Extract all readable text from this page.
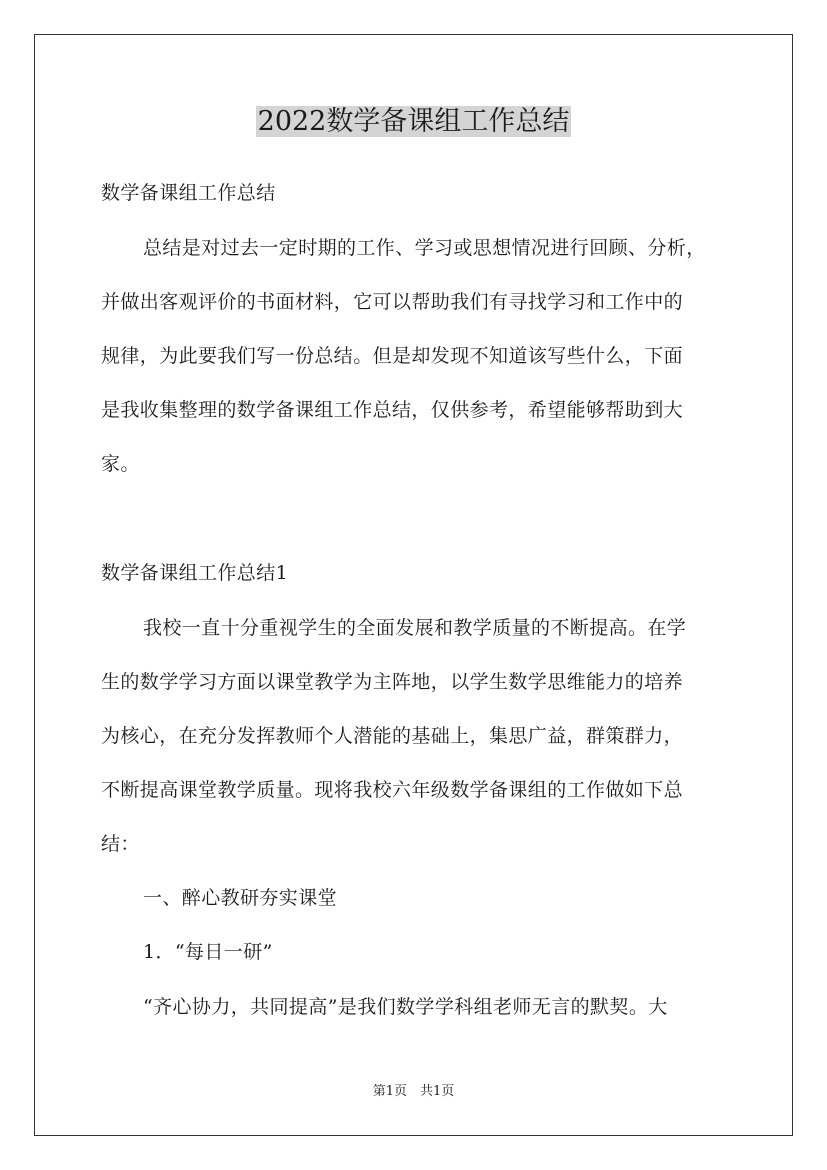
2022数学备课组工作总结
数学备课组工作总结
总结是对过去一定时期的工作、学习或思想情况进行回顾、分析，
并做出客观评价的书面材料，它可以帮助我们有寻找学习和工作中的
规律，为此要我们写一份总结。但是却发现不知道该写些什么，下面
是我收集整理的数学备课组工作总结，仅供参考，希望能够帮助到大
家。
数学备课组工作总结1
我校一直十分重视学生的全面发展和教学质量的不断提高。在学
生的数学学习方面以课堂教学为主阵地，以学生数学思维能力的培养
为核心，在充分发挥教师个人潜能的基础上，集思广益，群策群力，
不断提高课堂教学质量。现将我校六年级数学备课组的工作做如下总
结：
一、醉心教研夯实课堂
1．“每日一研”
“齐心协力，共同提高”是我们数学学科组老师无言的默契。大
第1页　共1页
